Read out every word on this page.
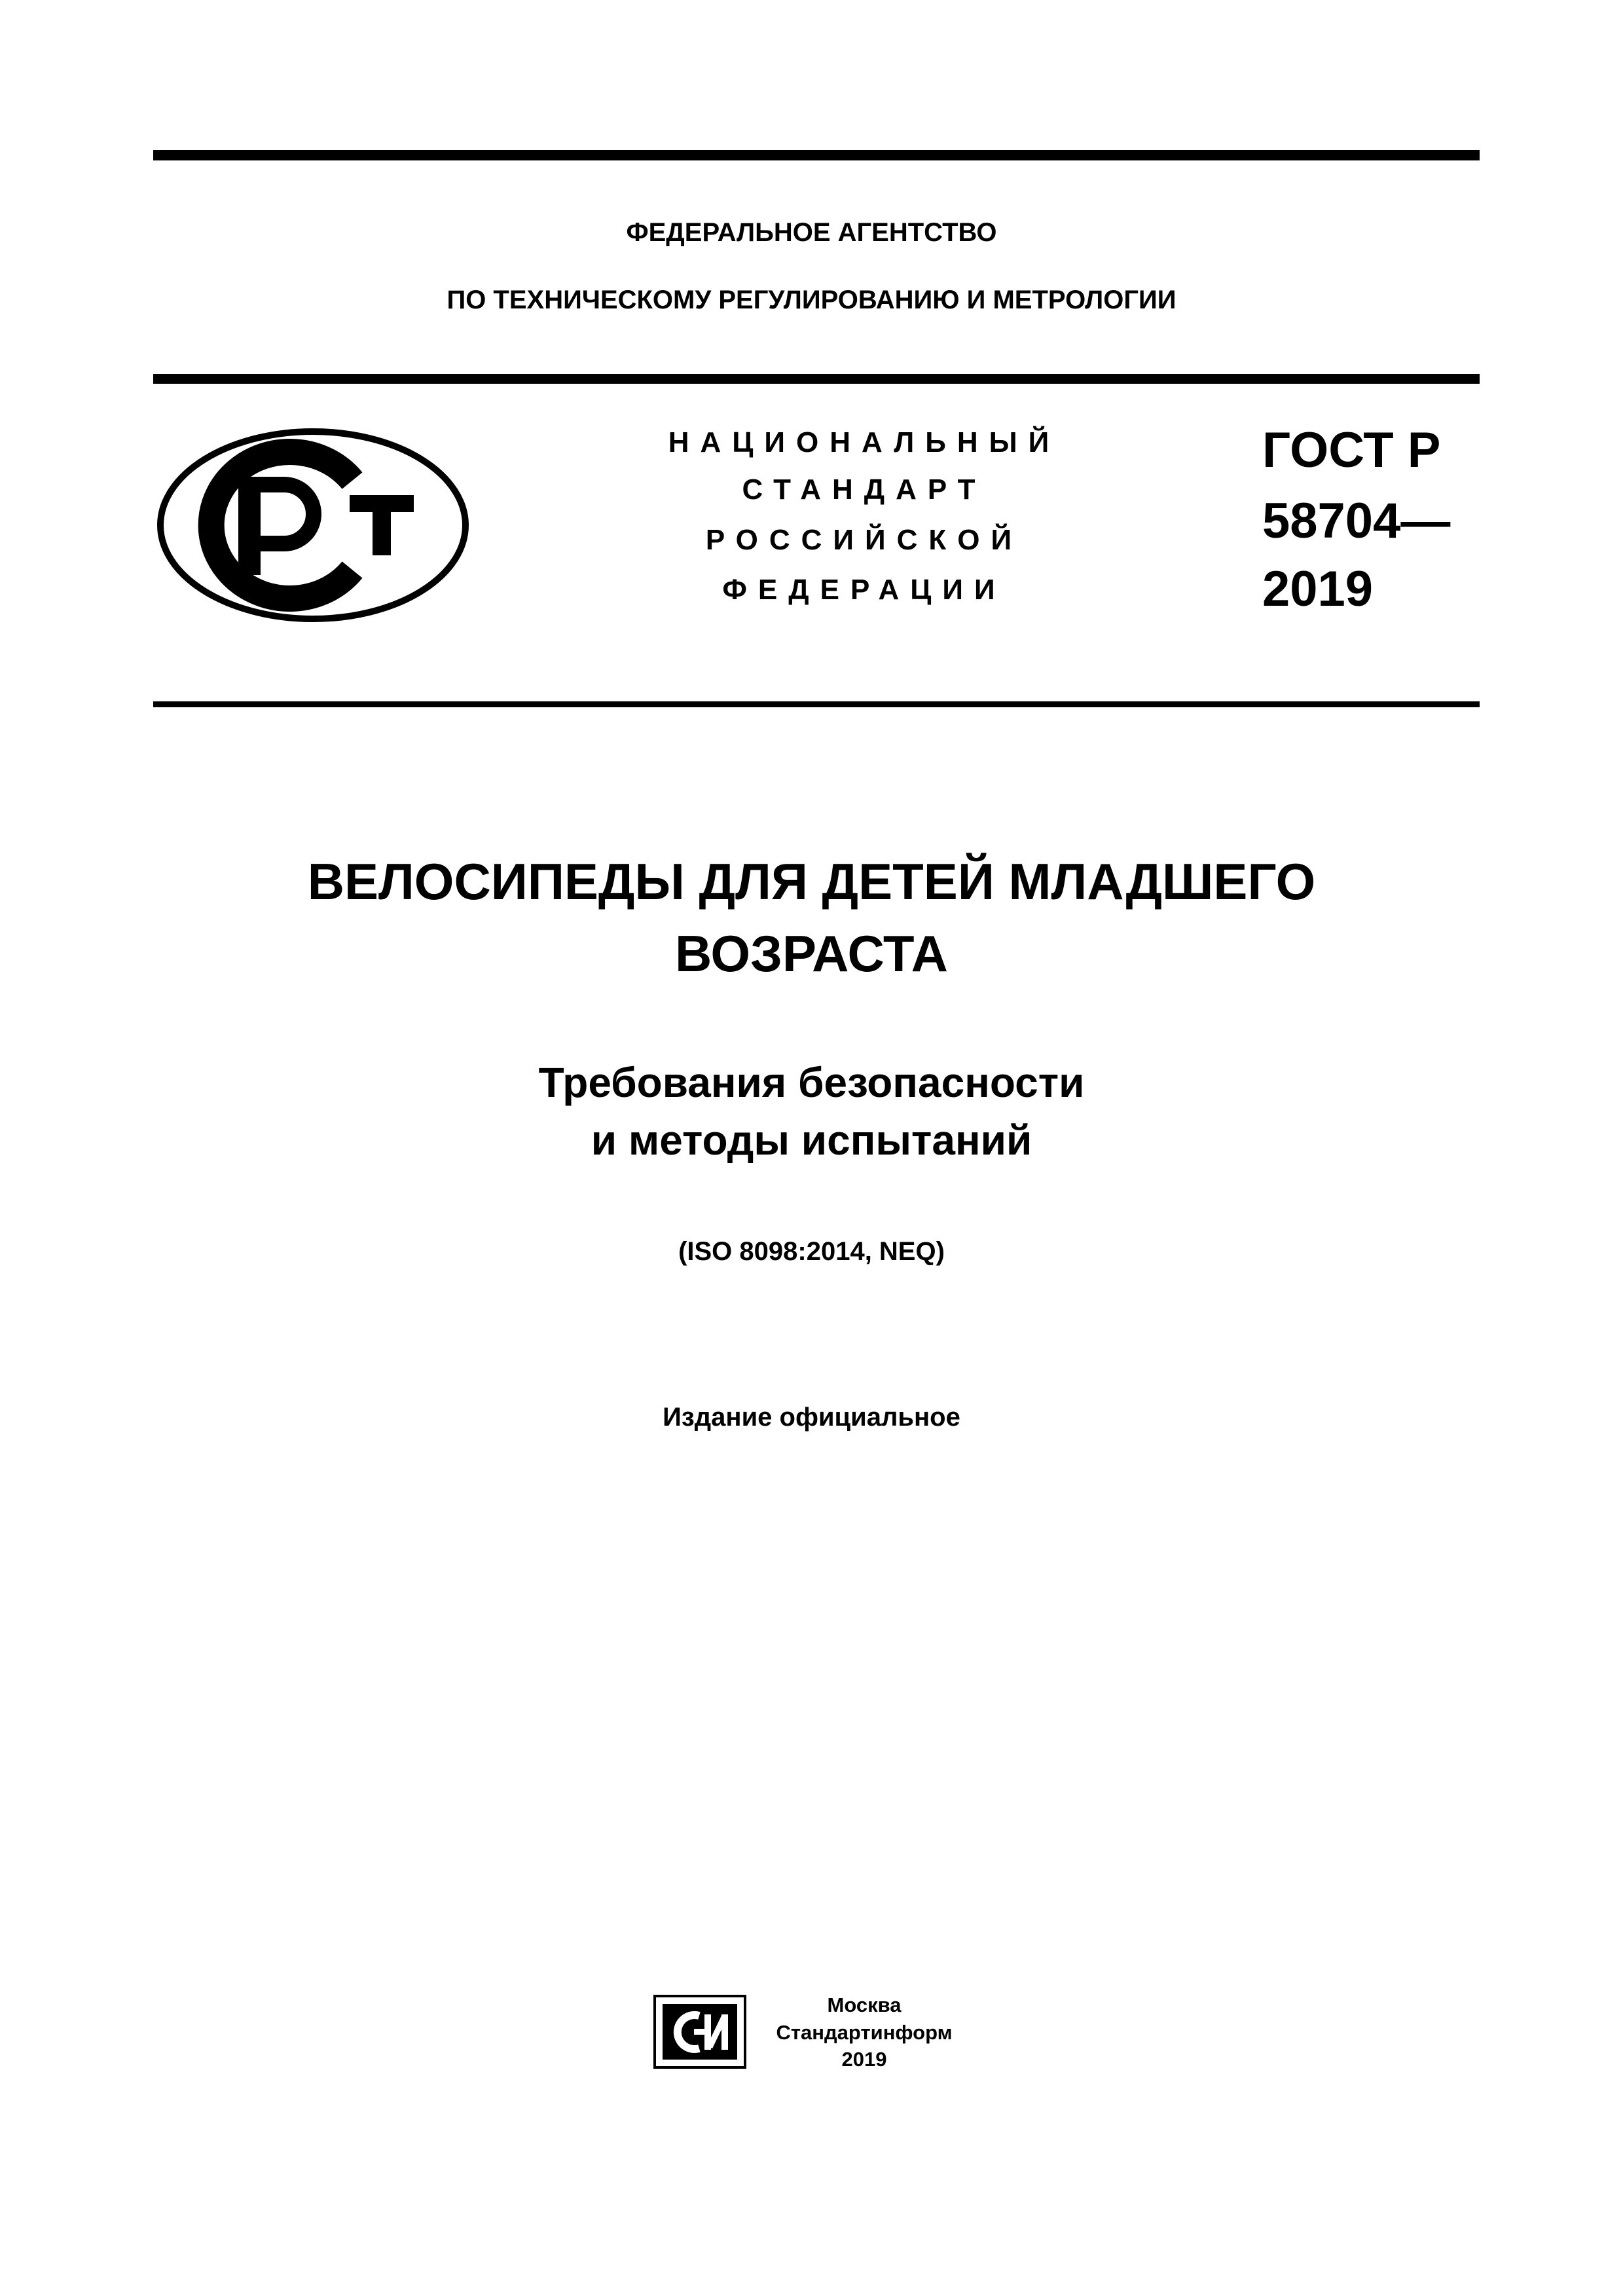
ФЕДЕРАЛЬНОЕ АГЕНТСТВО
ПО ТЕХНИЧЕСКОМУ РЕГУЛИРОВАНИЮ И МЕТРОЛОГИИ
НАЦИОНАЛЬНЫЙ
СТАНДАРТ
РОССИЙСКОЙ
ФЕДЕРАЦИИ
ГОСТ Р
58704—
2019
ВЕЛОСИПЕДЫ ДЛЯ ДЕТЕЙ МЛАДШЕГО
ВОЗРАСТА
Требования безопасности
и методы испытаний
(ISO 8098:2014, NEQ)
Издание официальное
Москва
Стандартинформ
2019
